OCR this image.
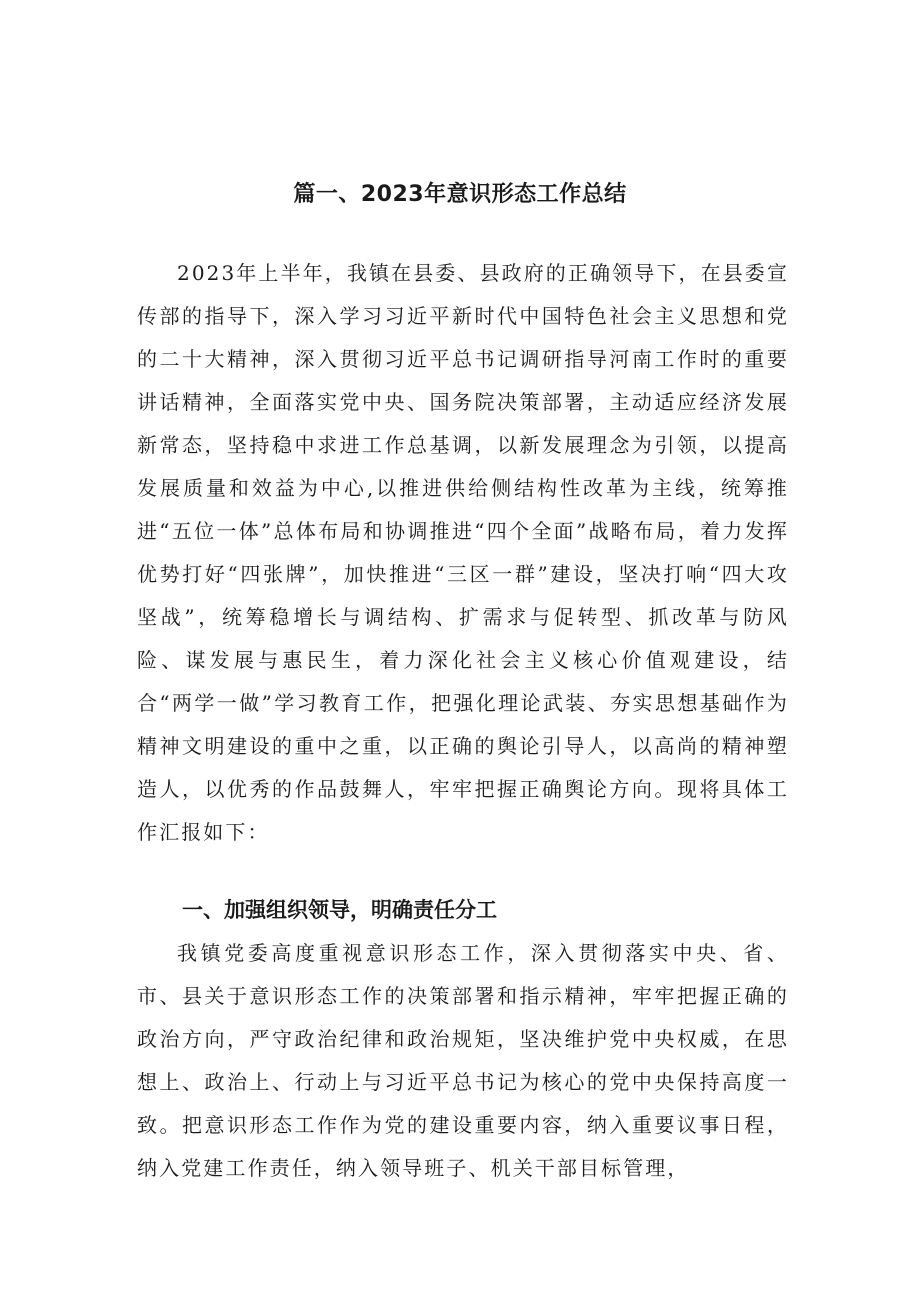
篇一、2023年意识形态工作总结

2023年上半年，我镇在县委、县政府的正确领导下，在县委宣传部的指导下，深入学习习近平新时代中国特色社会主义思想和党的二十大精神，深入贯彻习近平总书记调研指导河南工作时的重要讲话精神，全面落实党中央、国务院决策部署，主动适应经济发展新常态，坚持稳中求进工作总基调，以新发展理念为引领，以提高发展质量和效益为中心,以推进供给侧结构性改革为主线，统筹推进“五位一体”总体布局和协调推进“四个全面”战略布局，着力发挥优势打好“四张牌”，加快推进“三区一群”建设，坚决打响“四大攻坚战”，统筹稳增长与调结构、扩需求与促转型、抓改革与防风险、谋发展与惠民生，着力深化社会主义核心价值观建设，结合“两学一做”学习教育工作，把强化理论武装、夯实思想基础作为精神文明建设的重中之重，以正确的舆论引导人，以高尚的精神塑造人，以优秀的作品鼓舞人，牢牢把握正确舆论方向。现将具体工作汇报如下：

一、加强组织领导，明确责任分工

我镇党委高度重视意识形态工作，深入贯彻落实中央、省、市、县关于意识形态工作的决策部署和指示精神，牢牢把握正确的政治方向，严守政治纪律和政治规矩，坚决维护党中央权威，在思想上、政治上、行动上与习近平总书记为核心的党中央保持高度一致。把意识形态工作作为党的建设重要内容，纳入重要议事日程，纳入党建工作责任，纳入领导班子、机关干部目标管理，
